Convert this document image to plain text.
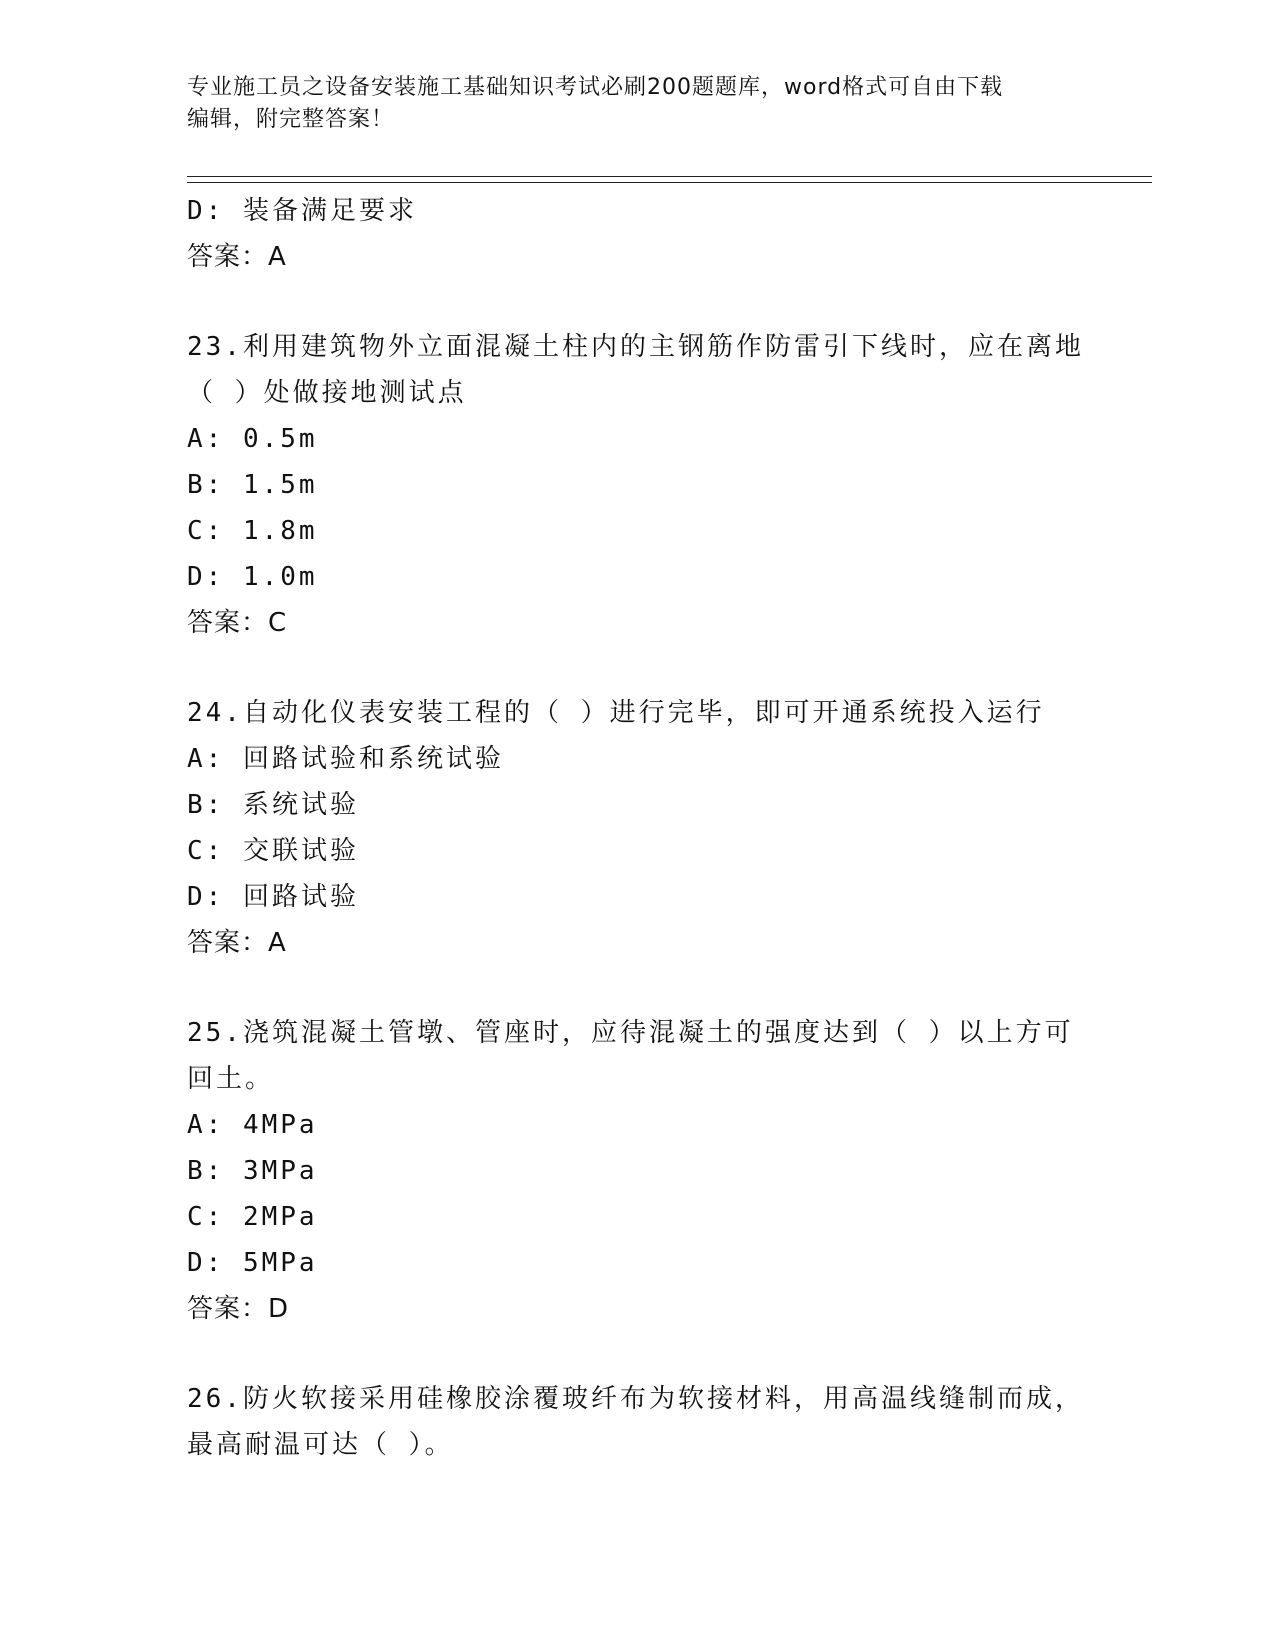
专业施工员之设备安装施工基础知识考试必刷200题题库，word格式可自由下载
编辑，附完整答案！
D: 装备满足要求
答案：A
23.利用建筑物外立面混凝土柱内的主钢筋作防雷引下线时，应在离地
（ ）处做接地测试点
A: 0.5m
B: 1.5m
C: 1.8m
D: 1.0m
答案：C
24.自动化仪表安装工程的（ ）进行完毕，即可开通系统投入运行
A: 回路试验和系统试验
B: 系统试验
C: 交联试验
D: 回路试验
答案：A
25.浇筑混凝土管墩、管座时，应待混凝土的强度达到（ ）以上方可
回土。
A: 4MPa
B: 3MPa
C: 2MPa
D: 5MPa
答案：D
26.防火软接采用硅橡胶涂覆玻纤布为软接材料，用高温线缝制而成，
最高耐温可达（ ）。
